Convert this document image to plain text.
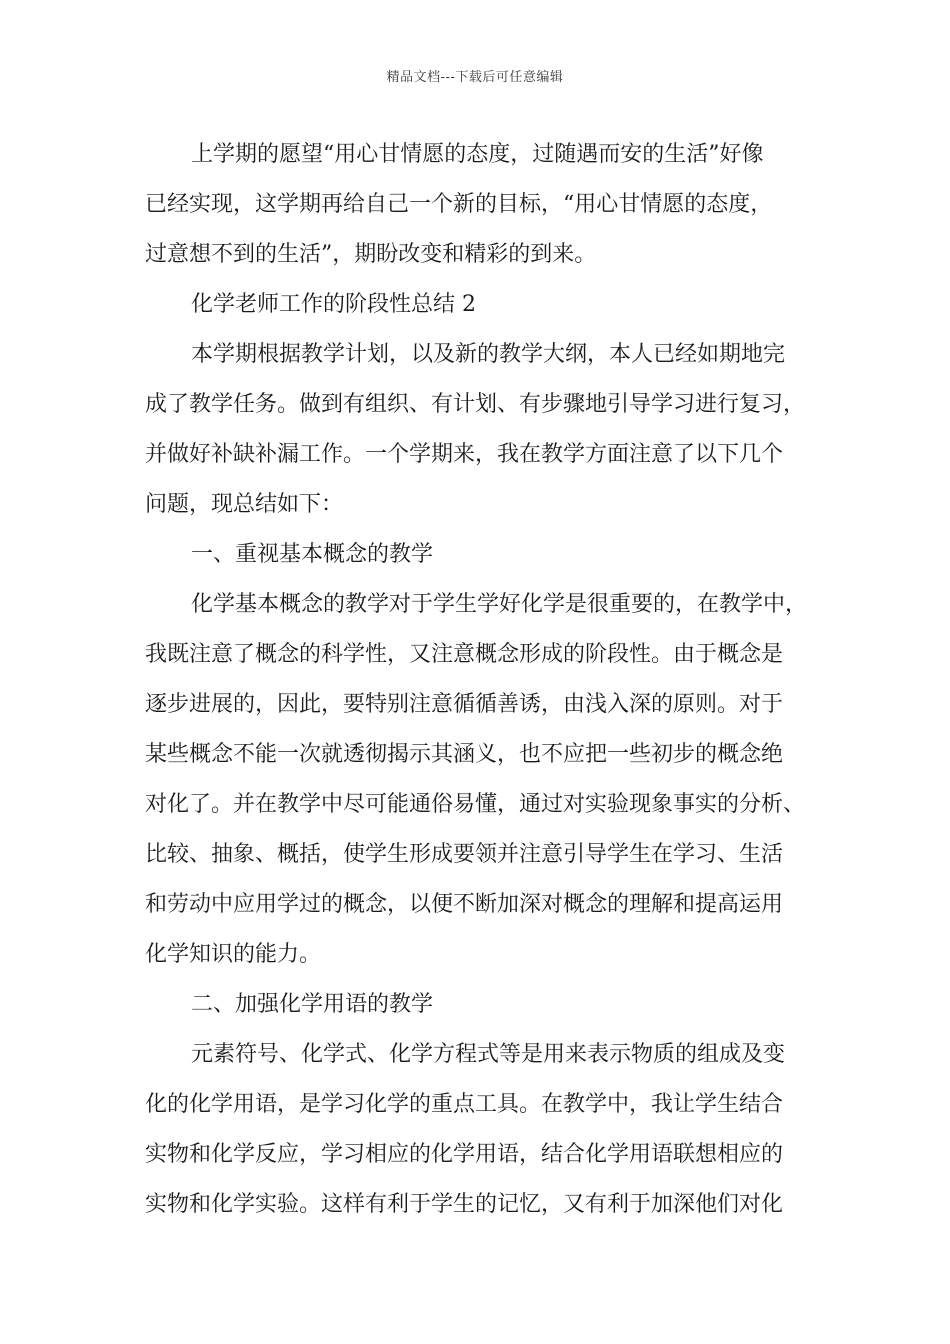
精品文档---下载后可任意编辑
上学期的愿望“用心甘情愿的态度，过随遇而安的生活”好像
已经实现，这学期再给自己一个新的目标，“用心甘情愿的态度，
过意想不到的生活”，期盼改变和精彩的到来。
化学老师工作的阶段性总结 2
本学期根据教学计划，以及新的教学大纲，本人已经如期地完
成了教学任务。做到有组织、有计划、有步骤地引导学习进行复习，
并做好补缺补漏工作。一个学期来，我在教学方面注意了以下几个
问题，现总结如下：
一、重视基本概念的教学
化学基本概念的教学对于学生学好化学是很重要的，在教学中，
我既注意了概念的科学性，又注意概念形成的阶段性。由于概念是
逐步进展的，因此，要特别注意循循善诱，由浅入深的原则。对于
某些概念不能一次就透彻揭示其涵义，也不应把一些初步的概念绝
对化了。并在教学中尽可能通俗易懂，通过对实验现象事实的分析、
比较、抽象、概括，使学生形成要领并注意引导学生在学习、生活
和劳动中应用学过的概念，以便不断加深对概念的理解和提高运用
化学知识的能力。
二、加强化学用语的教学
元素符号、化学式、化学方程式等是用来表示物质的组成及变
化的化学用语，是学习化学的重点工具。在教学中，我让学生结合
实物和化学反应，学习相应的化学用语，结合化学用语联想相应的
实物和化学实验。这样有利于学生的记忆，又有利于加深他们对化
